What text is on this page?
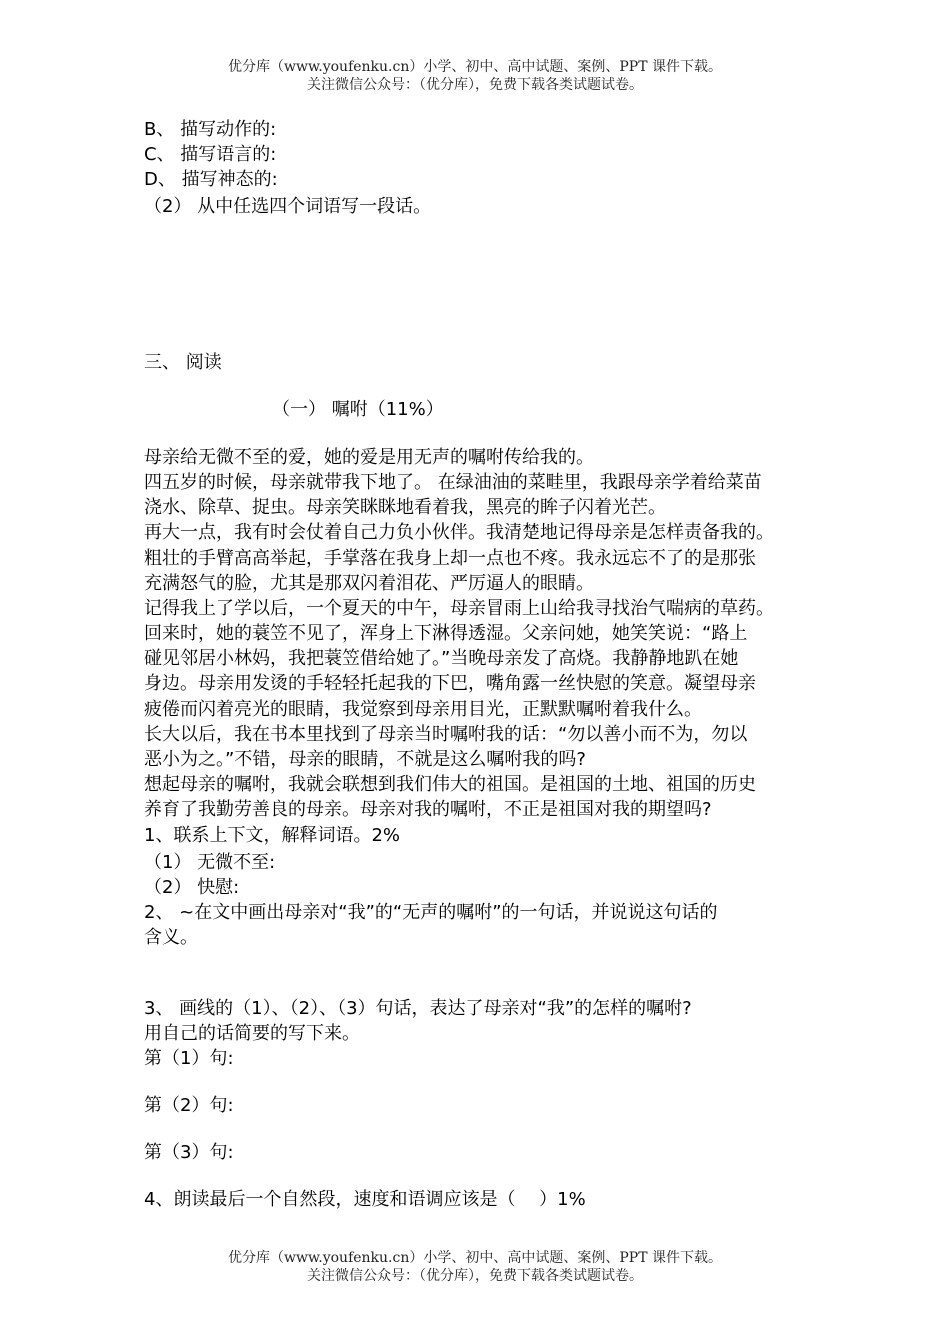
优分库（www.youfenku.cn）小学、初中、高中试题、案例、PPT 课件下载。
关注微信公众号：（优分库），免费下载各类试题试卷。
B、 描写动作的:
C、 描写语言的:
D、 描写神态的:
（2） 从中任选四个词语写一段话。
三、 阅读
（一） 嘱咐（11%）
母亲给无微不至的爱，她的爱是用无声的嘱咐传给我的。
四五岁的时候，母亲就带我下地了。 在绿油油的菜畦里，我跟母亲学着给菜苗
浇水、除草、捉虫。母亲笑眯眯地看着我，黑亮的眸子闪着光芒。
再大一点，我有时会仗着自己力负小伙伴。我清楚地记得母亲是怎样责备我的。
粗壮的手臂高高举起，手掌落在我身上却一点也不疼。我永远忘不了的是那张
充满怒气的脸，尤其是那双闪着泪花、严厉逼人的眼睛。
记得我上了学以后，一个夏天的中午，母亲冒雨上山给我寻找治气喘病的草药。
回来时，她的蓑笠不见了，浑身上下淋得透湿。父亲问她，她笑笑说：“路上
碰见邻居小林妈，我把蓑笠借给她了。”当晚母亲发了高烧。我静静地趴在她
身边。母亲用发烫的手轻轻托起我的下巴，嘴角露一丝快慰的笑意。凝望母亲
疲倦而闪着亮光的眼睛，我觉察到母亲用目光，正默默嘱咐着我什么。
长大以后，我在书本里找到了母亲当时嘱咐我的话：“勿以善小而不为，勿以
恶小为之。”不错，母亲的眼睛，不就是这么嘱咐我的吗?
想起母亲的嘱咐，我就会联想到我们伟大的祖国。是祖国的土地、祖国的历史
养育了我勤劳善良的母亲。母亲对我的嘱咐，不正是祖国对我的期望吗?
1、联系上下文，解释词语。2%
（1） 无微不至:
（2） 快慰:
2、 ~在文中画出母亲对“我”的“无声的嘱咐”的一句话，并说说这句话的
含义。
3、 画线的（1）、（2）、（3）句话，表达了母亲对“我”的怎样的嘱咐?
用自己的话简要的写下来。
第（1）句:
第（2）句:
第（3）句:
4、朗读最后一个自然段，速度和语调应该是（　 ）1%
优分库（www.youfenku.cn）小学、初中、高中试题、案例、PPT 课件下载。
关注微信公众号：（优分库），免费下载各类试题试卷。
